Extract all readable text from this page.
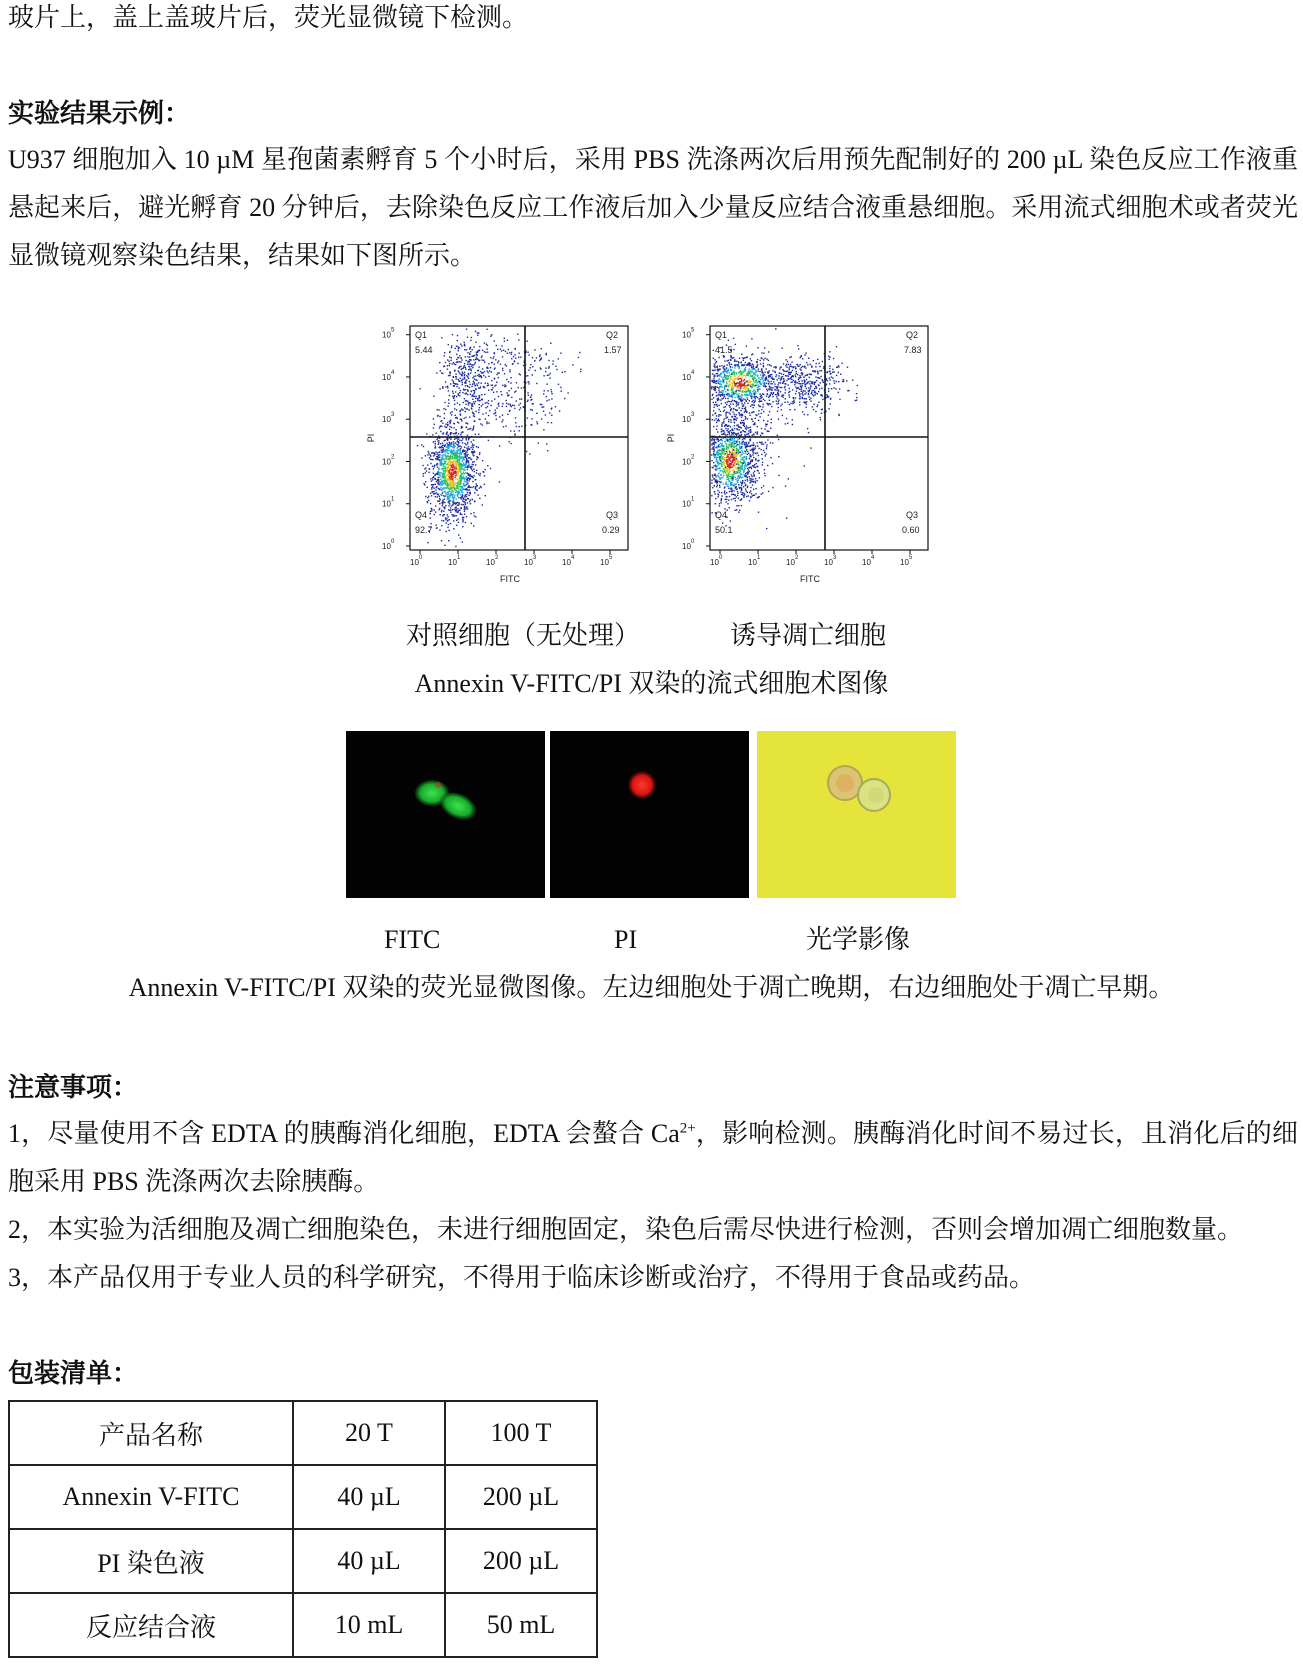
玻片上，盖上盖玻片后，荧光显微镜下检测。

实验结果示例：

U937 细胞加入 10 µM 星孢菌素孵育 5 个小时后，采用 PBS 洗涤两次后用预先配制好的 200 µL 染色反应工作液重悬起来后，避光孵育 20 分钟后，去除染色反应工作液后加入少量反应结合液重悬细胞。采用流式细胞术或者荧光显微镜观察染色结果，结果如下图所示。

Q1
5.44
Q2
1.57
Q3
0.29
Q4
92.7
10 0
10 1
10 2
10 3
10 4
10 5
10 0	10 1	10 2	10 3	10 4	10 5
FITC
PI
Q1
41.5
Q2
7.83
Q3
0.60
Q4
50.1
10 0
10 1
10 2
10 3
10 4
10 5
10 0	10 1	10 2	10 3	10 4	10 5
FITC
PI

对照细胞（无处理）	诱导凋亡细胞

Annexin V-FITC/PI 双染的流式细胞术图像

FITC	PI	光学影像

Annexin V-FITC/PI 双染的荧光显微图像。左边细胞处于凋亡晚期，右边细胞处于凋亡早期。

注意事项：

1，尽量使用不含 EDTA 的胰酶消化细胞，EDTA 会螯合 $Ca^{2+}$，影响检测。胰酶消化时间不易过长，且消化后的细胞采用 PBS 洗涤两次去除胰酶。

2，本实验为活细胞及凋亡细胞染色，未进行细胞固定，染色后需尽快进行检测，否则会增加凋亡细胞数量。

3，本产品仅用于专业人员的科学研究，不得用于临床诊断或治疗，不得用于食品或药品。

包装清单：

产品名称	20 T	100 T
Annexin V-FITC	40 µL	200 µL
PI 染色液	40 µL	200 µL
反应结合液	10 mL	50 mL
